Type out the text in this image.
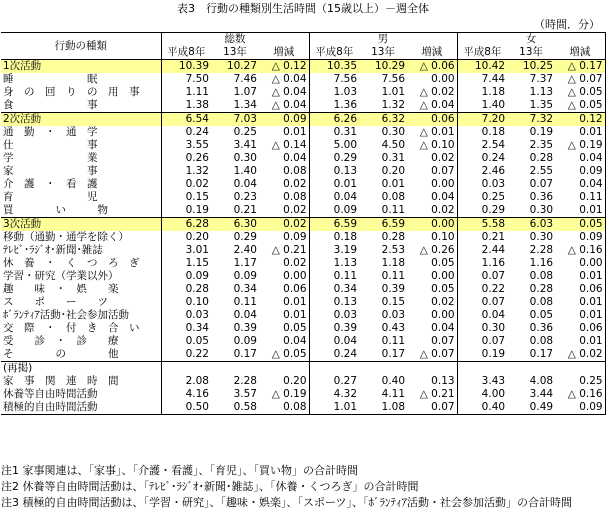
表3　行動の種類別生活時間（15歳以上）－週全体
（時間．分）
行動の種類	総数			男			女		
	平成8年	13年	増減	平成8年	13年	増減	平成8年	13年	増減
1次活動	10.39	10.27	△ 0.12	10.35	10.29	△ 0.06	10.42	10.25	△ 0.17
睡　　　　　　　眠	7.50	7.46	△ 0.04	7.56	7.56	0.00	7.44	7.37	△ 0.07
身　の　回　り　の　用　事	1.11	1.07	△ 0.04	1.03	1.01	△ 0.02	1.18	1.13	△ 0.05
食　　　　　　　事	1.38	1.34	△ 0.04	1.36	1.32	△ 0.04	1.40	1.35	△ 0.05
2次活動	6.54	7.03	0.09	6.26	6.32	0.06	7.20	7.32	0.12
通　勤　・　通　学	0.24	0.25	0.01	0.31	0.30	△ 0.01	0.18	0.19	0.01
仕　　　　　　　事	3.55	3.41	△ 0.14	5.00	4.50	△ 0.10	2.54	2.35	△ 0.19
学　　　　　　　業	0.26	0.30	0.04	0.29	0.31	0.02	0.24	0.28	0.04
家　　　　　　　事	1.32	1.40	0.08	0.13	0.20	0.07	2.46	2.55	0.09
介　護　・　看　護	0.02	0.04	0.02	0.01	0.01	0.00	0.03	0.07	0.04
育　　　　　　　児	0.15	0.23	0.08	0.04	0.08	0.04	0.25	0.36	0.11
買　　　　い　　　物	0.19	0.21	0.02	0.09	0.11	0.02	0.29	0.30	0.01
3次活動	6.28	6.30	0.02	6.59	6.59	0.00	5.58	6.03	0.05
移動（通勤・通学を除く）	0.20	0.29	0.09	0.18	0.28	0.10	0.21	0.30	0.09
ﾃﾚﾋﾞ･ﾗｼﾞｵ･新聞･雑誌	3.01	2.40	△ 0.21	3.19	2.53	△ 0.26	2.44	2.28	△ 0.16
休　養　・　く　つ　ろ　ぎ	1.15	1.17	0.02	1.13	1.18	0.05	1.16	1.16	0.00
学習・研究（学業以外）	0.09	0.09	0.00	0.11	0.11	0.00	0.07	0.08	0.01
趣　　味　・　娯　　楽	0.28	0.34	0.06	0.34	0.39	0.05	0.22	0.28	0.06
ス　　ポ　　ー　　ツ	0.10	0.11	0.01	0.13	0.15	0.02	0.07	0.08	0.01
ﾎﾞﾗﾝﾃｨｱ活動･社会参加活動	0.03	0.04	0.01	0.03	0.03	0.00	0.04	0.05	0.01
交　際　・　付　き　合　い	0.34	0.39	0.05	0.39	0.43	0.04	0.30	0.36	0.06
受　　診　・　診　　療	0.05	0.09	0.04	0.04	0.11	0.07	0.07	0.08	0.01
そ　　　　の　　　　他	0.22	0.17	△ 0.05	0.24	0.17	△ 0.07	0.19	0.17	△ 0.02
(再掲)									
家　事　関　連　時　間	2.08	2.28	0.20	0.27	0.40	0.13	3.43	4.08	0.25
休養等自由時間活動	4.16	3.57	△ 0.19	4.32	4.11	△ 0.21	4.00	3.44	△ 0.16
積極的自由時間活動	0.50	0.58	0.08	1.01	1.08	0.07	0.40	0.49	0.09
注1 家事関連は、「家事」、「介護・看護」、「育児」、「買い物」の合計時間
注2 休養等自由時間活動は、「ﾃﾚﾋﾞ･ﾗｼﾞｵ･新聞･雑誌」、「休養・くつろぎ」の合計時間
注3 積極的自由時間活動は、「学習・研究」、「趣味・娯楽」、「スポーツ」、「ﾎﾞﾗﾝﾃｨｱ活動・社会参加活動」の合計時間
